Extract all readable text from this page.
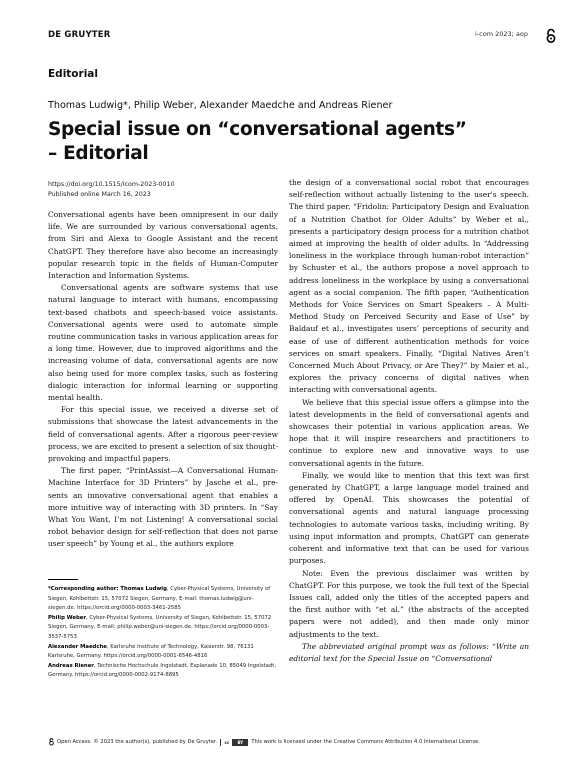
DE GRUYTER	i-com 2023; aop
Editorial
Thomas Ludwig*, Philip Weber, Alexander Maedche and Andreas Riener
Special issue on “conversational agents” – Editorial
https://doi.org/10.1515/icom-2023-0010
Published online March 16, 2023

Conversational agents have been omnipresent in our daily life. We are surrounded by various conversational agents, from Siri and Alexa to Google Assistant and the recent ChatGPT. They therefore have also become an increasingly popular research topic in the fields of Human-Computer Interaction and Information Systems.

Conversational agents are software systems that use natural language to interact with humans, encompassing text-based chatbots and speech-based voice assistants. Conversational agents were used to automate simple routine communication tasks in various application areas for a long time. However, due to improved algorithms and the increasing volume of data, conversational agents are now also being used for more complex tasks, such as fostering dialogic interaction for informal learning or supporting mental health.

For this special issue, we received a diverse set of submissions that showcase the latest advancements in the field of conversational agents. After a rigorous peer-review process, we are excited to present a selection of six thought-provoking and impactful papers.

The first paper, “PrintAssist—A Conversational Human-Machine Interface for 3D Printers” by Jasche et al., pre-sents an innovative conversational agent that enables a more intuitive way of interacting with 3D printers. In “Say What You Want, I’m not Listening! A conversational social robot behavior design for self-reflection that does not parse user speech” by Young et al., the authors explore

the design of a conversational social robot that encourages self-reflection without actually listening to the user's speech. The third paper, “Fridolin: Participatory Design and Evaluation of a Nutrition Chatbot for Older Adults” by Weber et al., presents a participatory design process for a nutrition chatbot aimed at improving the health of older adults. In “Addressing loneliness in the workplace through human-robot interaction” by Schuster et al., the authors propose a novel approach to address loneliness in the workplace by using a conversational agent as a social companion. The fifth paper, “Authentication Methods for Voice Services on Smart Speakers – A Multi-Method Study on Perceived Security and Ease of Use” by Baldauf et al., investigates users’ perceptions of security and ease of use of different authentication methods for voice services on smart speakers. Finally, “Digital Natives Aren’t Concerned Much About Privacy, or Are They?” by Maier et al., explores the privacy concerns of digital natives when interacting with conversational agents.

We believe that this special issue offers a glimpse into the latest developments in the field of conversational agents and showcases their potential in various application areas. We hope that it will inspire researchers and practitioners to continue to explore new and innovative ways to use conversational agents in the future.

Finally, we would like to mention that this text was first generated by ChatGPT, a large language model trained and offered by OpenAI. This showcases the potential of conversational agents and natural language processing technologies to automate various tasks, including writing. By using input information and prompts, ChatGPT can generate coherent and informative text that can be used for various purposes.

Note: Even the previous disclaimer was written by ChatGPT. For this purpose, we took the full text of the Special Issues call, added only the titles of the accepted papers and the first author with “et al.” (the abstracts of the accepted papers were not added), and then made only minor adjustments to the text.

The abbreviated original prompt was as follows: “Write an editorial text for the Special Issue on “Conversational

*Corresponding author: Thomas Ludwig, Cyber-Physical Systems, University of Siegen, Kohlbettstr. 15, 57072 Siegen, Germany, E-mail: thomas.ludwig@uni-siegen.de. https://orcid.org/0000-0003-3461-2585
Philip Weber, Cyber-Physical Systems, University of Siegen, Kohlbettstr. 15, 57072 Siegen, Germany, E-mail: philip.weber@uni-siegen.de. https://orcid.org/0000-0003-3537-5753
Alexander Maedche, Karlsruhe Institute of Technology, Kaiserstr. 98, 76131 Karlsruhe, Germany. https://orcid.org/0000-0001-6546-4816
Andreas Riener, Technische Hochschule Ingolstadt, Esplanade 10, 85049 Ingolstadt, Germany. https://orcid.org/0000-0002-9174-8895
Open Access. © 2023 the author(s), published by De Gruyter.	cc	BY	This work is licensed under the Creative Commons Attribution 4.0 International License.
